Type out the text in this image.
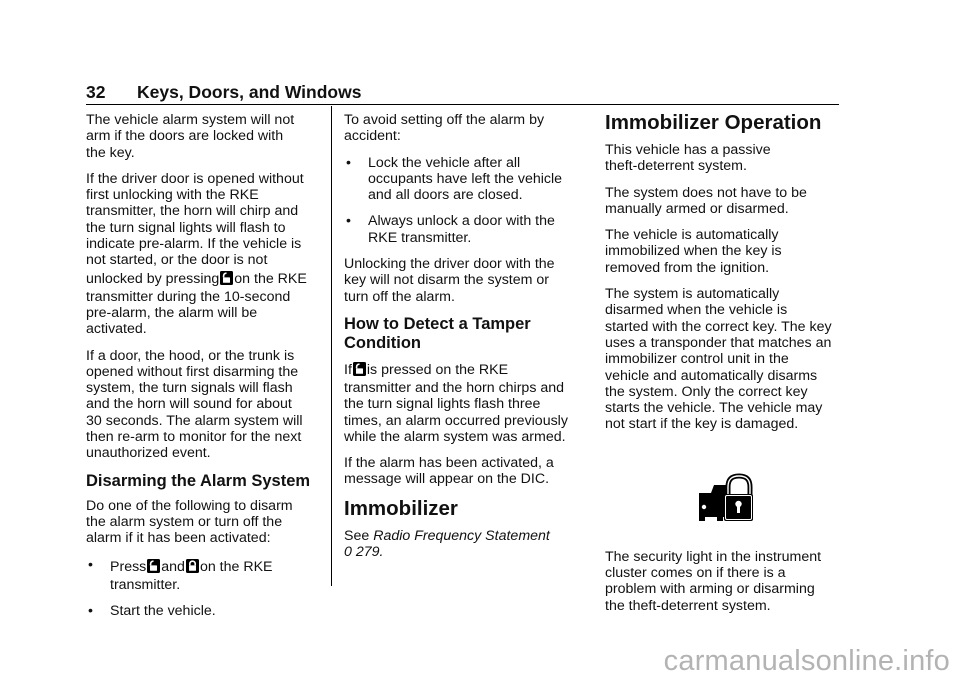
32 Keys, Doors, and Windows

The vehicle alarm system will not
arm if the doors are locked with
the key.

If the driver door is opened without
first unlocking with the RKE
transmitter, the horn will chirp and
the turn signal lights will flash to
indicate pre-alarm. If the vehicle is
not started, or the door is not
unlocked by pressing on the RKE
transmitter during the 10-second
pre-alarm, the alarm will be
activated.

If a door, the hood, or the trunk is
opened without first disarming the
system, the turn signals will flash
and the horn will sound for about
30 seconds. The alarm system will
then re-arm to monitor for the next
unauthorized event.

Disarming the Alarm System

Do one of the following to disarm
the alarm system or turn off the
alarm if it has been activated:

• Press and on the RKE
transmitter.
• Start the vehicle.

To avoid setting off the alarm by
accident:

• Lock the vehicle after all
occupants have left the vehicle
and all doors are closed.
• Always unlock a door with the
RKE transmitter.

Unlocking the driver door with the
key will not disarm the system or
turn off the alarm.

How to Detect a Tamper
Condition

If is pressed on the RKE
transmitter and the horn chirps and
the turn signal lights flash three
times, an alarm occurred previously
while the alarm system was armed.

If the alarm has been activated, a
message will appear on the DIC.

Immobilizer

See Radio Frequency Statement
0 279.

Immobilizer Operation

This vehicle has a passive
theft-deterrent system.

The system does not have to be
manually armed or disarmed.

The vehicle is automatically
immobilized when the key is
removed from the ignition.

The system is automatically
disarmed when the vehicle is
started with the correct key. The key
uses a transponder that matches an
immobilizer control unit in the
vehicle and automatically disarms
the system. Only the correct key
starts the vehicle. The vehicle may
not start if the key is damaged.

The security light in the instrument
cluster comes on if there is a
problem with arming or disarming
the theft-deterrent system.

carmanualsonline.info
